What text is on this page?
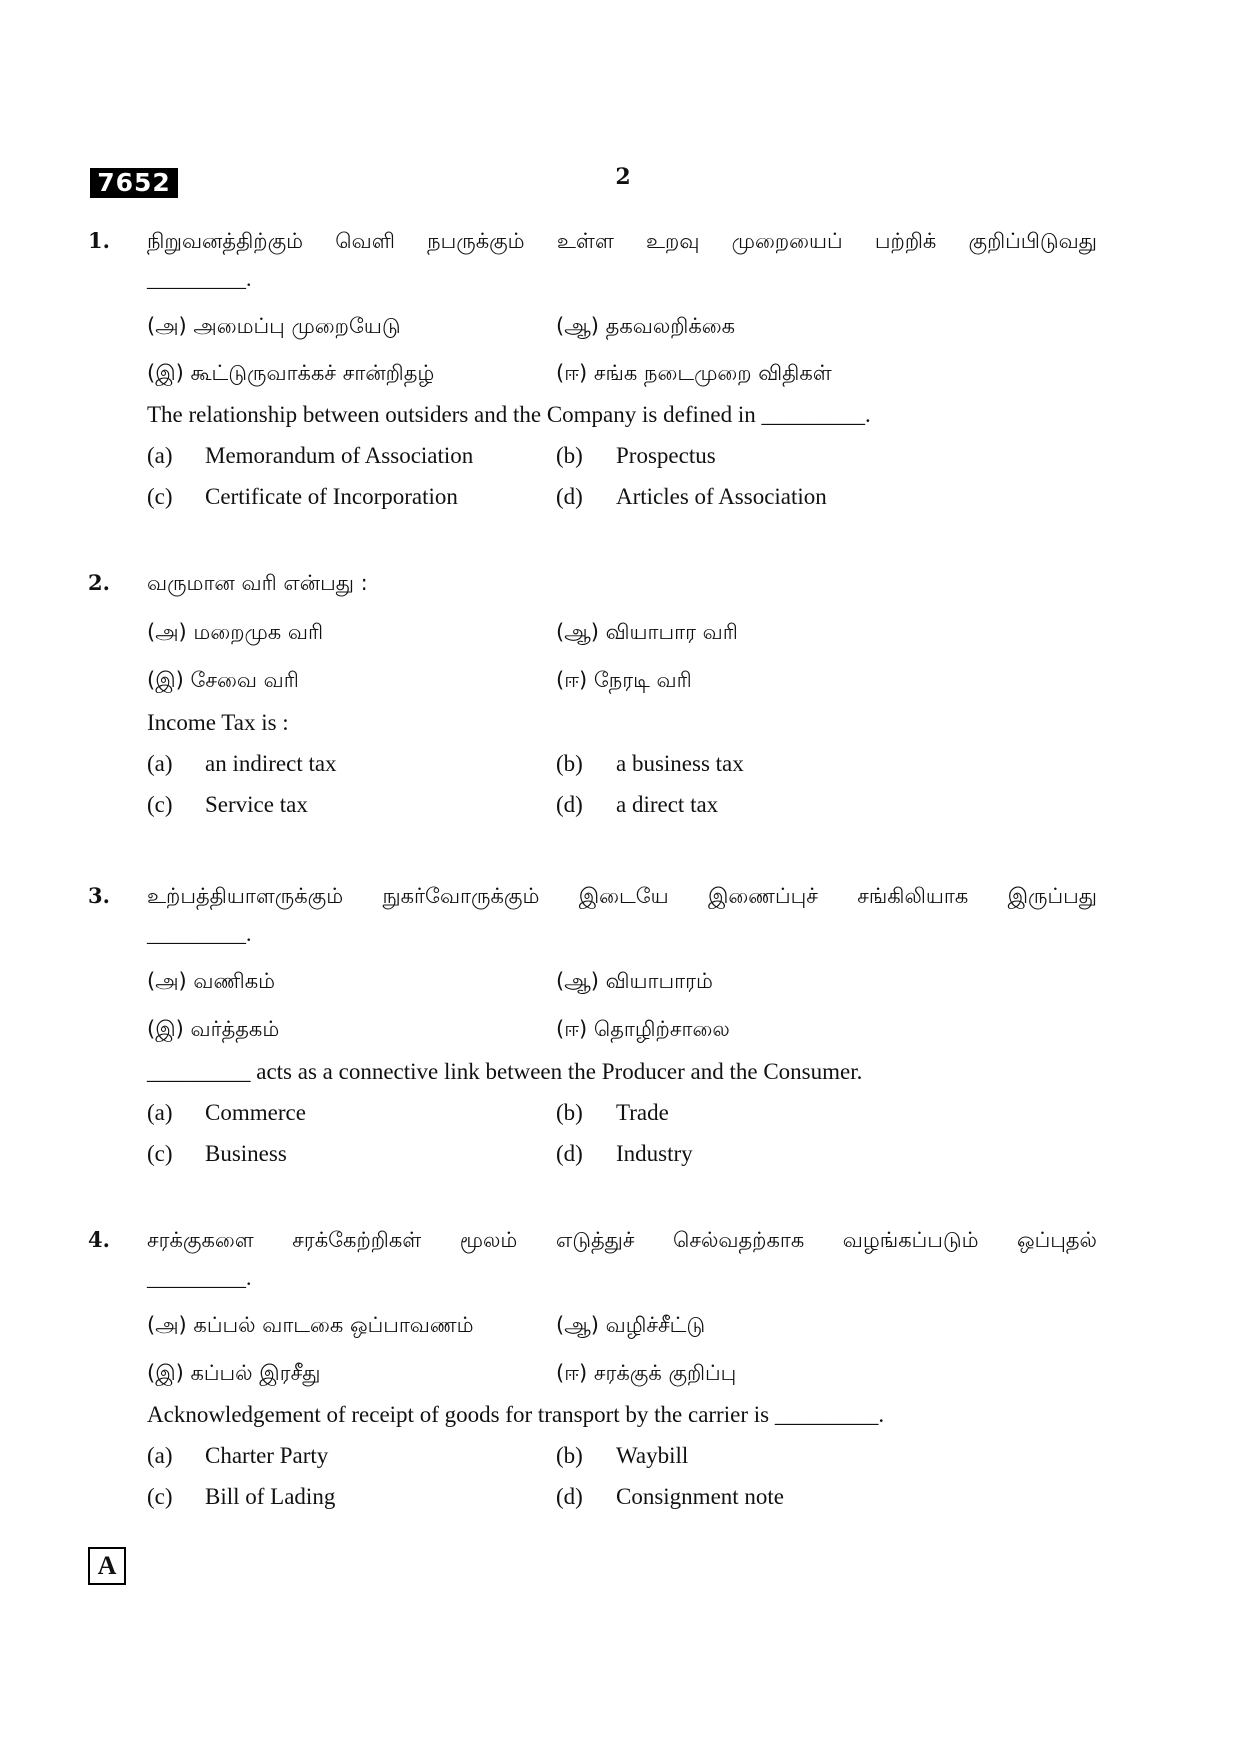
7652	2
1. நிறுவனத்திற்கும் வெளி நபருக்கும் உள்ள உறவு முறையைப் பற்றிக் குறிப்பிடுவது
_________.
(அ) அமைப்பு முறையேடு	(ஆ) தகவலறிக்கை
(இ) கூட்டுருவாக்கச் சான்றிதழ்	(ஈ) சங்க நடைமுறை விதிகள்
The relationship between outsiders and the Company is defined in _________.
(a) Memorandum of Association	(b) Prospectus
(c) Certificate of Incorporation	(d) Articles of Association
2. வருமான வரி என்பது :
(அ) மறைமுக வரி	(ஆ) வியாபார வரி
(இ) சேவை வரி	(ஈ) நேரடி வரி
Income Tax is :
(a) an indirect tax	(b) a business tax
(c) Service tax	(d) a direct tax
3. உற்பத்தியாளருக்கும் நுகர்வோருக்கும் இடையே இணைப்புச் சங்கிலியாக இருப்பது
_________.
(அ) வணிகம்	(ஆ) வியாபாரம்
(இ) வர்த்தகம்	(ஈ) தொழிற்சாலை
_________ acts as a connective link between the Producer and the Consumer.
(a) Commerce	(b) Trade
(c) Business	(d) Industry
4. சரக்குகளை சரக்கேற்றிகள் மூலம் எடுத்துச் செல்வதற்காக வழங்கப்படும் ஒப்புதல்
_________.
(அ) கப்பல் வாடகை ஒப்பாவணம்	(ஆ) வழிச்சீட்டு
(இ) கப்பல் இரசீது	(ஈ) சரக்குக் குறிப்பு
Acknowledgement of receipt of goods for transport by the carrier is _________.
(a) Charter Party	(b) Waybill
(c) Bill of Lading	(d) Consignment note
A
